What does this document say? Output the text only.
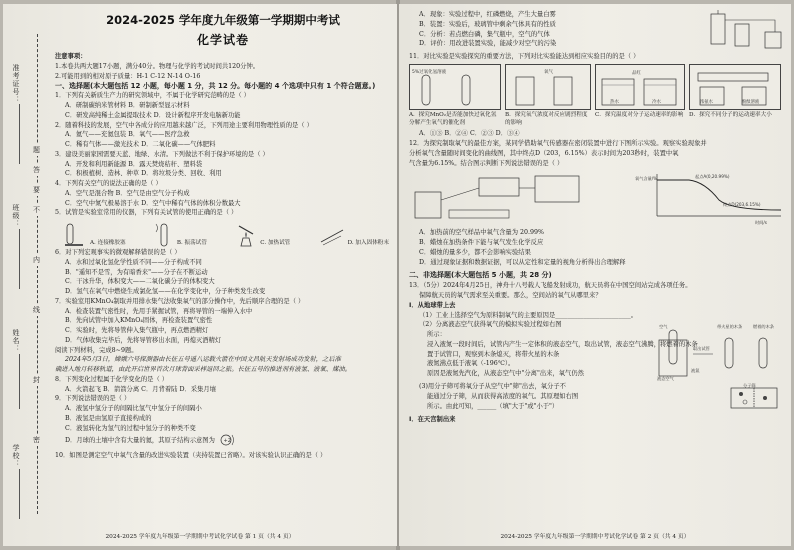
准考证号：
班级：
姓名：
学校：
题
答
要
不
内
线
封
密
2024-2025 学年度九年级第一学期期中考试
化学试卷
注意事项：
1.本卷共两大题17小题，满分40分。物理与化学的考试时间共120分钟。
2.可能用到的相对原子质量：H-1 C-12 N-14 O-16
一、选择题(本大题包括 12 小题，每小题 1 分，共 12 分。每小题的 4 个选项中只有 1 个符合题意。)
1．下列有关新质生产力的研究领域中，不属于化学研究范畴的是（ ）
A．研制碳纳米管材料 B．研制新型显示材料
C．研发高纯稀土金属提取技术 D．设计新程序开发电脑新功能
2．随着科技的发展，空气中各成分的应用越来越广泛，下列用途主要利用物理性质的是（ ）
A．氦气——充氦包装 B．氧气——医疗急救
C．稀有气体——激光技术 D．二氧化碳——气体肥料
3．建设美丽家园需要天蓝、地绿、水清。下列做法不利于保护环境的是（ ）
A．开发和利用新能源 B．露天焚烧秸秆、塑料袋
C．积极植树、造林、种草 D．将垃圾分类、回收、利用
4．下列有关空气的说法正确的是（ ）
A．空气是混合物 B．空气是由空气分子构成
C．空气中氮气极易溶于水 D．空气中稀有气体的体积分数最大
5．试管是实验室常用的仪器，下列有关试管的使用正确的是（ ）
A. 连接橡胶塞	B. 振荡试管	C. 加热试管	D. 加入固体粉末
6．对下列宏观事实的微观解释错误的是（ ）
A．水和过氧化氢化学性质不同——分子构成不同
B．"遥知不是雪，为有暗香来"——分子在不断运动
C．干冰升华，体积变大——二氧化碳分子的体积变大
D．氢气在氧气中燃烧生成氯化氢——在化学变化中，分子种类发生改变
7．实验室用KMnO₄制取并用排水集气法收集氧气的部分操作中，先后顺序合理的是（ ）
A．检查装置气密性时，先用手紧握试管，再将导管的一端伸入水中
B．先向试管中加入KMnO₄固体，再检查装置气密性
C．实验时，先将导管伸入集气瓶中，再点燃酒精灯
D．气体收集完毕后，先将导管移出水面，再熄灭酒精灯
阅读下列材料，完成8~9题。
2024年5月3日，嫦娥六号探测器由长征五号遥八运载火箭在中国文昌航天发射场成功发射，之后准
确进入地月转移轨道，由此开启世界首次月球背面采样返回之旅。长征五号的推进剂有液氢、液氧、煤油。
8．下列变化过程属于化学变化的是（ ）
A．火箭起飞 B．箭箭分离 C．月背着陆 D．采集月壤
9．下列说法错误的是（ ）
A．液氢中氢分子的间隔比氢气中氢分子的间隔小
B．液氢是由氢原子直接构成的
C．液氢转化为氢气的过程中氢分子的种类不变
D．月球的土壤中含有大量的氦，其原子结构示意图为 +2
10．如图是测定空气中氧气含量的改进实验装置（夹持装置已省略）。对该实验认识正确的是（ ）
2024-2025 学年度九年级第一学期期中考试化学试卷 第 1 页（共 4 页）
A．现象：实验过程中，红磷燃烧，产生大量白雾
B．装置：实验后，玻璃管中剩余气体具有的性质
C．分析：若点燃白磷，集气瓶中，空气的气体
D．评价：用改进装置实验，能减少对空气的污染
11．对比实验是实验探究的重要方法，下列对比实验能达到相应实验目的的是（ ）
5%过氧化氢溶液	氧气
热水	冷水
品红
浓氨水	酚酞溶液
A．探究MnO₂是否能加快过氧化氢分解产生氧气的催化剂
B．探究氧气浓度对反应剧烈程度的影响
C．探究温度对分子运动速率的影响	D．探究不同分子的运动速率大小
A．①③ B．②④ C．②③ D．③④
12．为探究制取氧气的最佳方案，某同学借助氧气传感器在密闭装置中进行下图所示实验。观察实验现象并
分析氧气含量随时间变化的曲线图，其中终点D（203，6.15%）表示时间为203秒时，装置中氧
气含量为6.15%。结合图示判断下列说法错误的是（ ）
氧气含量/%
时间/s
起点A(0,20.99%)
终点D(203,6.15%)
A．加热前的空气样品中氧气含量为 20.99%
B．蜡烛在加热条件下能与氧气发生化学反应
C．蜡烛的量多少，都不会影响实验结果
D．通过现象证据和数据证据，可以从定性和定量的视角分析得出合理解释
二、非选择题(本大题包括 5 小题，共 28 分)
13．（5分）2024年4月25日，神舟十八号载人飞船发射成功，航天员将在中国空间站完成各项任务。
保障航天员的氧气需求至关重要。那么，空间站的氧气从哪里来？
I．从地球带上去
（1）工业上选择空气为原料制氧气的主要原因是________________________。
（2）分离液态空气获得氧气的模拟实验过程如右图
所示：
浸入液氮一段时间后，试管内产生一定体积的液态空气，取出试管，液态空气沸腾，将燃着的木条
置于试管口，观察到木条熄灭，将带火星的木条
液氮沸点低于液氧（-196℃）。
原因是液氮先汽化，从液态空气中"分离"出来，氧气仍然
带火星的木条	燃着的木条
液态空气
空气
液氮
取出试管
(3)用分子筛可将氧分子从空气中"筛"出去，氧分子不
能通过分子筛，从而获得高浓度的氧气。其原理如右图
所示。由此可知，______（填"大于"或"小于"）
分子筛
I．在天宫制出来
2024-2025 学年度九年级第一学期期中考试化学试卷 第 2 页（共 4 页）
